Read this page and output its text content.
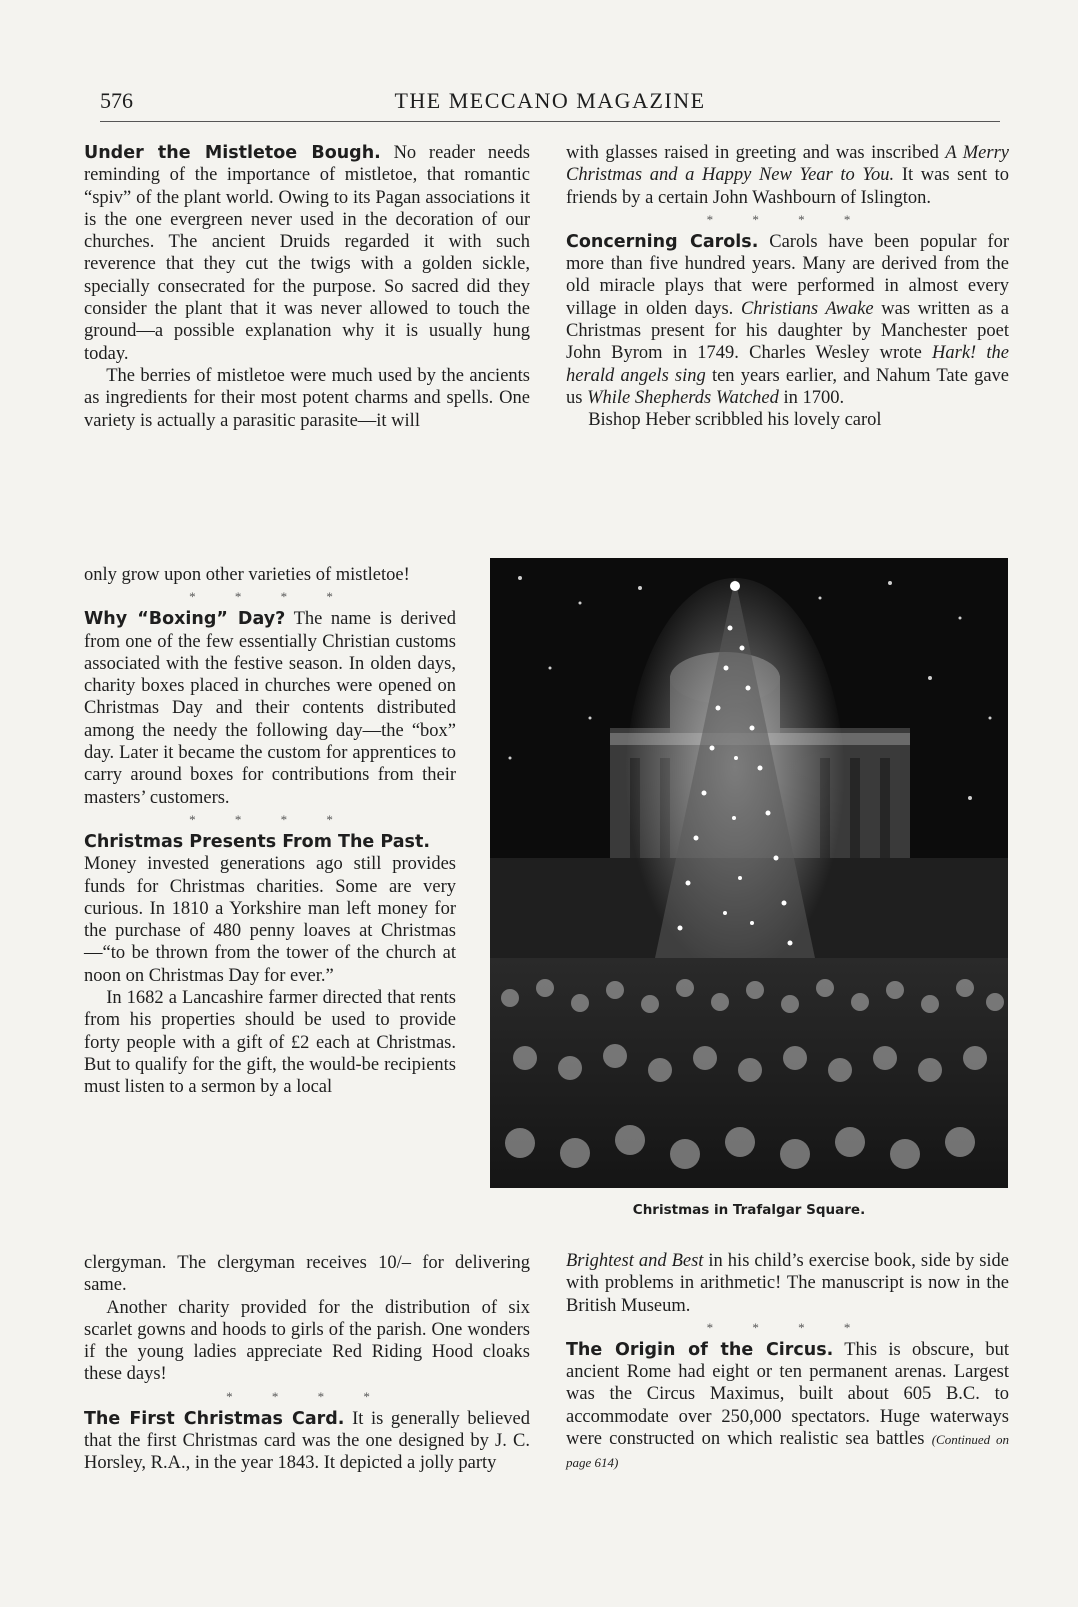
576	THE MECCANO MAGAZINE

Under the Mistletoe Bough. No reader needs reminding of the importance of mistletoe, that romantic “spiv” of the plant world. Owing to its Pagan associations it is the one evergreen never used in the decoration of our churches. The ancient Druids regarded it with such reverence that they cut the twigs with a golden sickle, specially consecrated for the purpose. So sacred did they consider the plant that it was never allowed to touch the ground—a possible explanation why it is usually hung today.

The berries of mistletoe were much used by the ancients as ingredients for their most potent charms and spells. One variety is actually a parasitic parasite—it will

only grow upon other varieties of mistletoe!

* * * *

Why “Boxing” Day? The name is derived from one of the few essentially Christian customs associated with the festive season. In olden days, charity boxes placed in churches were opened on Christmas Day and their contents distributed among the needy the following day—the “box” day. Later it became the custom for apprentices to carry around boxes for contributions from their masters’ customers.

* * * *

Christmas Presents From The Past.

Money invested generations ago still provides funds for Christmas charities. Some are very curious. In 1810 a Yorkshire man left money for the purchase of 480 penny loaves at Christmas—“to be thrown from the tower of the church at noon on Christmas Day for ever.”

In 1682 a Lancashire farmer directed that rents from his properties should be used to provide forty people with a gift of £2 each at Christmas. But to qualify for the gift, the would-be recipients must listen to a sermon by a local

clergyman. The clergyman receives 10/– for delivering same.

Another charity provided for the distribution of six scarlet gowns and hoods to girls of the parish. One wonders if the young ladies appreciate Red Riding Hood cloaks these days!

* * * *

The First Christmas Card. It is generally believed that the first Christmas card was the one designed by J. C. Horsley, R.A., in the year 1843. It depicted a jolly party

with glasses raised in greeting and was inscribed A Merry Christmas and a Happy New Year to You. It was sent to friends by a certain John Washbourn of Islington.

* * * *

Concerning Carols. Carols have been popular for more than five hundred years. Many are derived from the old miracle plays that were performed in almost every village in olden days. Christians Awake was written as a Christmas present for his daughter by Manchester poet John Byrom in 1749. Charles Wesley wrote Hark! the herald angels sing ten years earlier, and Nahum Tate gave us While Shepherds Watched in 1700.

Bishop Heber scribbled his lovely carol

Christmas in Trafalgar Square.

Brightest and Best in his child’s exercise book, side by side with problems in arithmetic! The manuscript is now in the British Museum.

* * * *

The Origin of the Circus. This is obscure, but ancient Rome had eight or ten permanent arenas. Largest was the Circus Maximus, built about 605 B.C. to accommodate over 250,000 spectators. Huge waterways were constructed on which realistic sea battles (Continued on page 614)
